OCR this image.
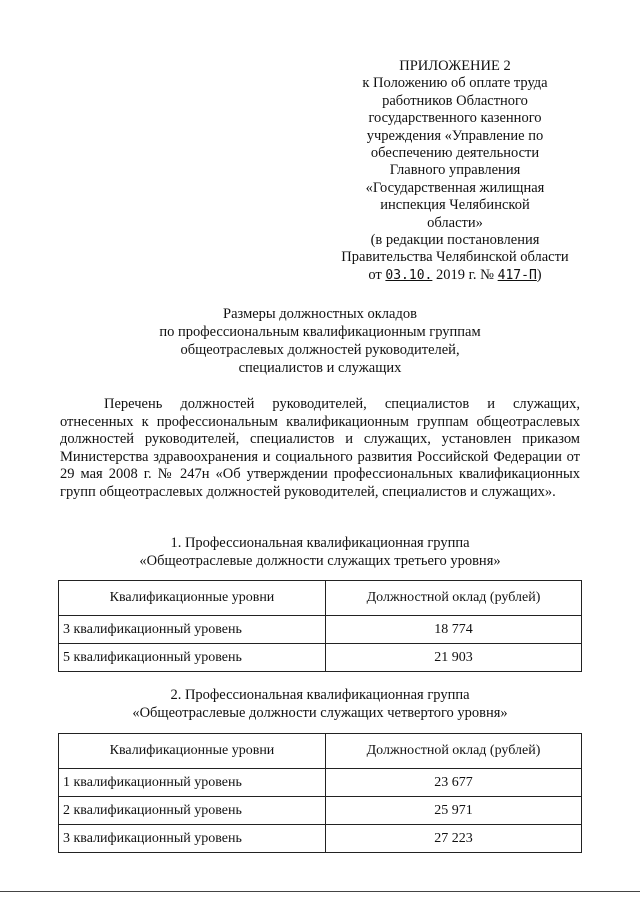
ПРИЛОЖЕНИЕ 2
к Положению об оплате труда
работников Областного
государственного казенного
учреждения «Управление по
обеспечению деятельности
Главного управления
«Государственная жилищная
инспекция Челябинской
области»
(в редакции постановления
Правительства Челябинской области
от 03.10. 2019 г. № 417-П)
Размеры должностных окладов
по профессиональным квалификационным группам
общеотраслевых должностей руководителей,
специалистов и служащих
Перечень должностей руководителей, специалистов и служащих, отнесенных к профессиональным квалификационным группам общеотраслевых должностей руководителей, специалистов и служащих, установлен приказом Министерства здравоохранения и социального развития Российской Федерации от 29 мая 2008 г. № 247н «Об утверждении профессиональных квалификационных групп общеотраслевых должностей руководителей, специалистов и служащих».
1. Профессиональная квалификационная группа
«Общеотраслевые должности служащих третьего уровня»
Квалификационные уровни	Должностной оклад (рублей)
3 квалификационный уровень	18 774
5 квалификационный уровень	21 903
2. Профессиональная квалификационная группа
«Общеотраслевые должности служащих четвертого уровня»
Квалификационные уровни	Должностной оклад (рублей)
1 квалификационный уровень	23 677
2 квалификационный уровень	25 971
3 квалификационный уровень	27 223
